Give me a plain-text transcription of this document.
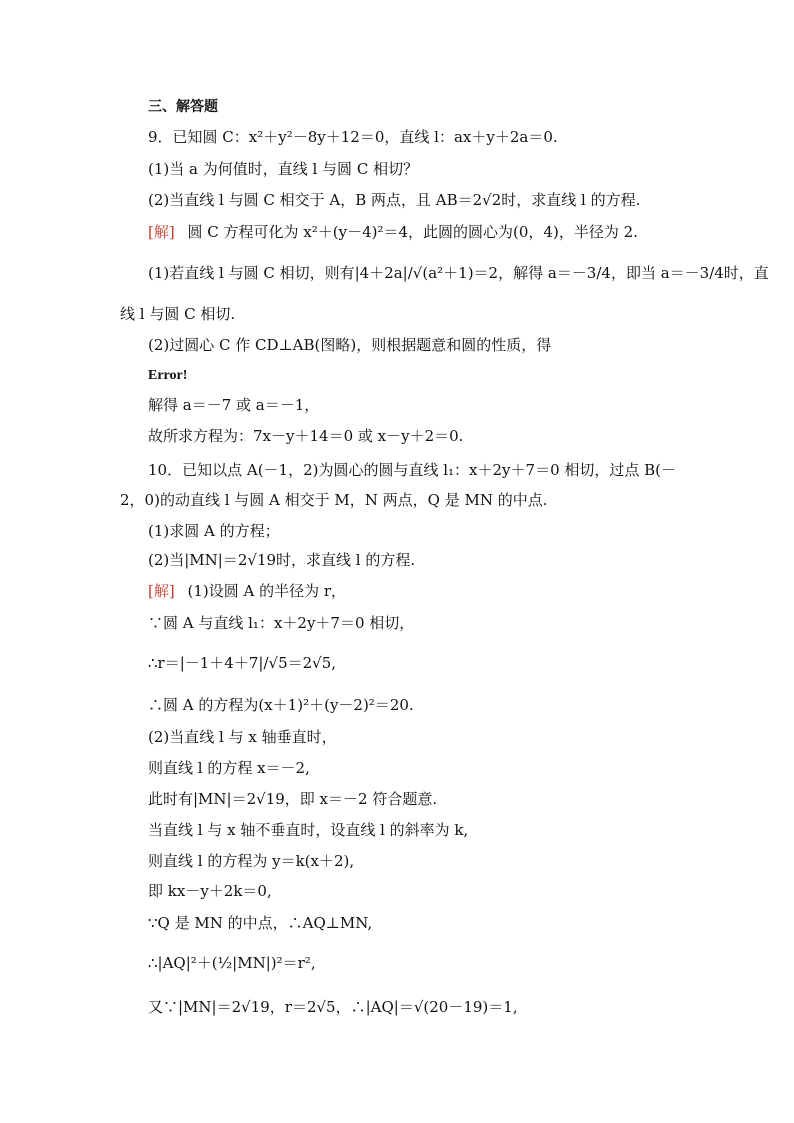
三、解答题
9．已知圆 C：x²＋y²－8y＋12＝0，直线 l：ax＋y＋2a＝0.
(1)当 a 为何值时，直线 l 与圆 C 相切？
(2)当直线 l 与圆 C 相交于 A，B 两点，且 AB＝2√2时，求直线 l 的方程.
[解] 圆 C 方程可化为 x²＋(y－4)²＝4，此圆的圆心为(0，4)，半径为 2.
(1)若直线 l 与圆 C 相切，则有|4＋2a|/√(a²＋1)＝2，解得 a＝－3/4，即当 a＝－3/4时，直
线 l 与圆 C 相切.
(2)过圆心 C 作 CD⊥AB(图略)，则根据题意和圆的性质，得
Error!
解得 a＝－7 或 a＝－1，
故所求方程为：7x－y＋14＝0 或 x－y＋2＝0.
10．已知以点 A(－1，2)为圆心的圆与直线 l₁：x＋2y＋7＝0 相切，过点 B(－
2，0)的动直线 l 与圆 A 相交于 M，N 两点，Q 是 MN 的中点.
(1)求圆 A 的方程；
(2)当|MN|＝2√19时，求直线 l 的方程.
[解] (1)设圆 A 的半径为 r，
∵圆 A 与直线 l₁：x＋2y＋7＝0 相切，
∴r＝|－1＋4＋7|/√5＝2√5,
∴圆 A 的方程为(x＋1)²＋(y－2)²＝20.
(2)当直线 l 与 x 轴垂直时，
则直线 l 的方程 x＝－2,
此时有|MN|＝2√19，即 x＝－2 符合题意.
当直线 l 与 x 轴不垂直时，设直线 l 的斜率为 k,
则直线 l 的方程为 y＝k(x＋2),
即 kx－y＋2k＝0,
∵Q 是 MN 的中点，∴AQ⊥MN,
∴|AQ|²＋(½|MN|)²＝r²,
又∵|MN|＝2√19，r＝2√5，∴|AQ|＝√(20－19)＝1,
